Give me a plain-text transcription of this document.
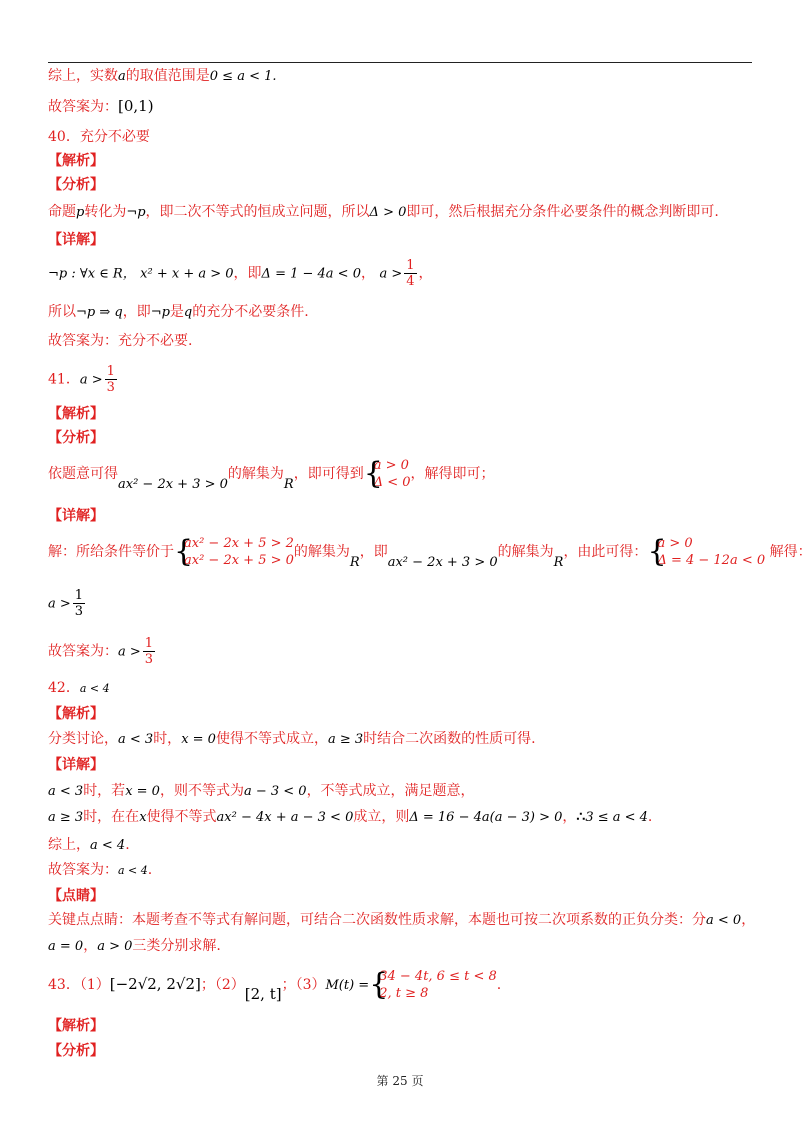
综上，实数a的取值范围是0 ≤ a < 1.
故答案为：[0,1)
40．充分不必要
【解析】
【分析】
命题p转化为¬p，即二次不等式的恒成立问题，所以Δ > 0即可，然后根据充分条件必要条件的概念判断即可.
【详解】
¬p : ∀x ∈ R， x² + x + a > 0，即Δ = 1 − 4a < 0， $a > \frac{1}{4}$ ，
所以¬p ⇒ q，即¬p是q的充分不必要条件.
故答案为：充分不必要.
41．$a > \frac{1}{3}$
【解析】
【分析】
依题意可得ax² − 2x + 3 > 0的解集为R，即可得到 {
a > 0
Δ < 0
，解得即可；
【详解】
解：所给条件等价于 {
ax² − 2x + 5 > 2
ax² − 2x + 5 > 0
的解集为R，即ax² − 2x + 3 > 0的解集为R，由此可得： {
a > 0
Δ = 4 − 12a < 0
解得：
$a > \frac{1}{3}$
故答案为：$a > \frac{1}{3}$
42．a < 4
【解析】
分类讨论，a < 3时，x = 0使得不等式成立，a ≥ 3时结合二次函数的性质可得.
【详解】
a < 3时，若x = 0，则不等式为a − 3 < 0，不等式成立，满足题意，
a ≥ 3时，在在x使得不等式ax² − 4x + a − 3 < 0成立，则Δ = 16 − 4a(a − 3) > 0，∴3 ≤ a < 4.
综上，a < 4.
故答案为：a < 4.
【点睛】
关键点点睛：本题考查不等式有解问题，可结合二次函数性质求解，本题也可按二次项系数的正负分类：分a < 0，
a = 0，a > 0三类分别求解.
43．（1）[−2√2, 2√2]；（2）[2, t]；（3）M(t) = {
34 − 4t, 6 ≤ t < 8
2, t ≥ 8
.
【解析】
【分析】
第 25 页
